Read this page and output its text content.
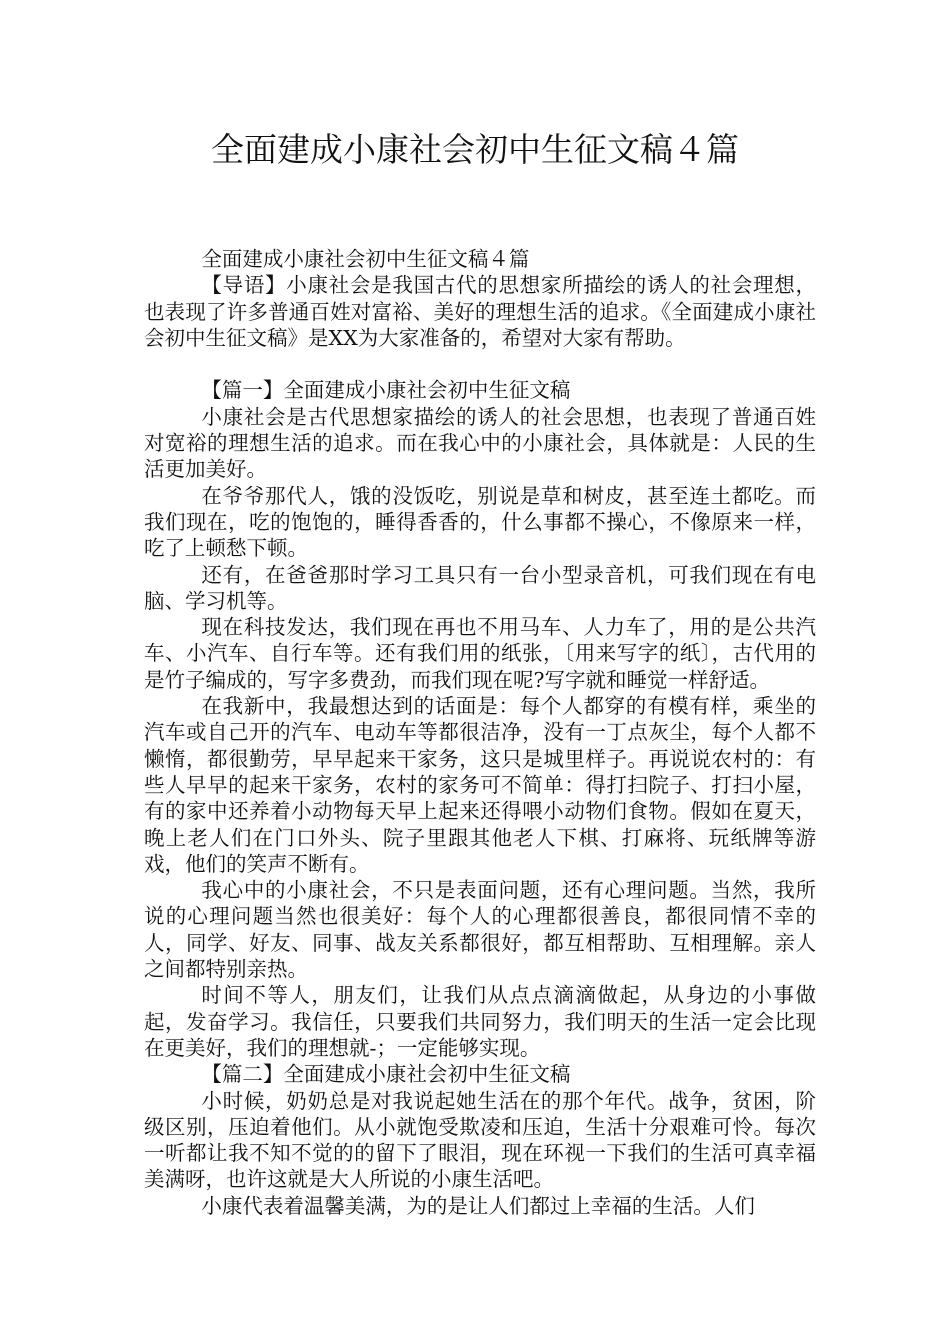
全面建成小康社会初中生征文稿４篇

全面建成小康社会初中生征文稿４篇

【导语】小康社会是我国古代的思想家所描绘的诱人的社会理想，也表现了许多普通百姓对富裕、美好的理想生活的追求。《全面建成小康社会初中生征文稿》是XX为大家准备的，希望对大家有帮助。

【篇一】全面建成小康社会初中生征文稿

小康社会是古代思想家描绘的诱人的社会思想，也表现了普通百姓对宽裕的理想生活的追求。而在我心中的小康社会，具体就是：人民的生活更加美好。

在爷爷那代人，饿的没饭吃，别说是草和树皮，甚至连土都吃。而我们现在，吃的饱饱的，睡得香香的，什么事都不操心，不像原来一样，吃了上顿愁下顿。

还有，在爸爸那时学习工具只有一台小型录音机，可我们现在有电脑、学习机等。

现在科技发达，我们现在再也不用马车、人力车了，用的是公共汽车、小汽车、自行车等。还有我们用的纸张，〔用来写字的纸〕，古代用的是竹子编成的，写字多费劲，而我们现在呢?写字就和睡觉一样舒适。

在我新中，我最想达到的话面是：每个人都穿的有模有样，乘坐的汽车或自己开的汽车、电动车等都很洁净，没有一丁点灰尘，每个人都不懒惰，都很勤劳，早早起来干家务，这只是城里样子。再说说农村的：有些人早早的起来干家务，农村的家务可不简单：得打扫院子、打扫小屋，有的家中还养着小动物每天早上起来还得喂小动物们食物。假如在夏天，晚上老人们在门口外头、院子里跟其他老人下棋、打麻将、玩纸牌等游戏，他们的笑声不断有。

我心中的小康社会，不只是表面问题，还有心理问题。当然，我所说的心理问题当然也很美好：每个人的心理都很善良，都很同情不幸的人，同学、好友、同事、战友关系都很好，都互相帮助、互相理解。亲人之间都特别亲热。

时间不等人，朋友们，让我们从点点滴滴做起，从身边的小事做起，发奋学习。我信任，只要我们共同努力，我们明天的生活一定会比现在更美好，我们的理想就-；一定能够实现。

【篇二】全面建成小康社会初中生征文稿

小时候，奶奶总是对我说起她生活在的那个年代。战争，贫困，阶级区别，压迫着他们。从小就饱受欺凌和压迫，生活十分艰难可怜。每次一听都让我不知不觉的的留下了眼泪，现在环视一下我们的生活可真幸福美满呀，也许这就是大人所说的小康生活吧。

小康代表着温馨美满，为的是让人们都过上幸福的生活。人们
